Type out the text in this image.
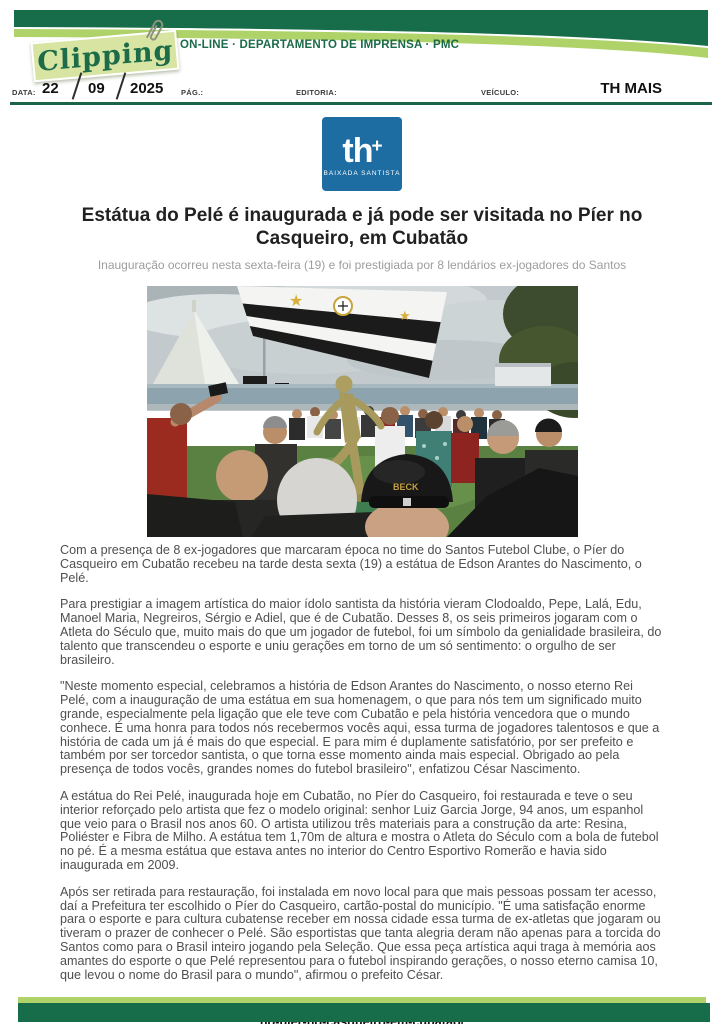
Clipping ON-LINE · DEPARTAMENTO DE IMPRENSA · PMC
DATA: 22 09 2025 PÁG.:	EDITORIA:	VEÍCULO:	TH MAIS
th+
BAIXADA SANTISTA
Estátua do Pelé é inaugurada e já pode ser visitada no Píer no Casqueiro, em Cubatão
Inauguração ocorreu nesta sexta-feira (19) e foi prestigiada por 8 lendários ex-jogadores do Santos
★
★
BECK

Com a presença de 8 ex-jogadores que marcaram época no time do Santos Futebol Clube, o Píer do Casqueiro em Cubatão recebeu na tarde desta sexta (19) a estátua de Edson Arantes do Nascimento, o Pelé.

Para prestigiar a imagem artística do maior ídolo santista da história vieram Clodoaldo, Pepe, Lalá, Edu, Manoel Maria, Negreiros, Sérgio e Adiel, que é de Cubatão. Desses 8, os seis primeiros jogaram com o Atleta do Século que, muito mais do que um jogador de futebol, foi um símbolo da genialidade brasileira, do talento que transcendeu o esporte e uniu gerações em torno de um só sentimento: o orgulho de ser brasileiro.

"Neste momento especial, celebramos a história de Edson Arantes do Nascimento, o nosso eterno Rei Pelé, com a inauguração de uma estátua em sua homenagem, o que para nós tem um significado muito grande, especialmente pela ligação que ele teve com Cubatão e pela história vencedora que o mundo conhece. É uma honra para todos nós recebermos vocês aqui, essa turma de jogadores talentosos e que a história de cada um já é mais do que especial. E para mim é duplamente satisfatório, por ser prefeito e também por ser torcedor santista, o que torna esse momento ainda mais especial. Obrigado ao pela presença de todos vocês, grandes nomes do futebol brasileiro", enfatizou César Nascimento.

A estátua do Rei Pelé, inaugurada hoje em Cubatão, no Píer do Casqueiro, foi restaurada e teve o seu interior reforçado pelo artista que fez o modelo original: senhor Luiz Garcia Jorge, 94 anos, um espanhol que veio para o Brasil nos anos 60. O artista utilizou três materiais para a construção da arte: Resina, Poliéster e Fibra de Milho. A estátua tem 1,70m de altura e mostra o Atleta do Século com a bola de futebol no pé. É a mesma estátua que estava antes no interior do Centro Esportivo Romerão e havia sido inaugurada em 2009.

Após ser retirada para restauração, foi instalada em novo local para que mais pessoas possam ter acesso, daí a Prefeitura ter escolhido o Píer do Casqueiro, cartão-postal do município. "É uma satisfação enorme para o esporte e para cultura cubatense receber em nossa cidade essa turma de ex-atletas que jogaram ou tiveram o prazer de conhecer o Pelé. São esportistas que tanta alegria deram não apenas para a torcida do Santos como para o Brasil inteiro jogando pela Seleção. Que essa peça artística aqui traga à memória aos amantes do esporte o que Pelé representou para o futebol inspirando gerações, o nosso eterno camisa 10, que levou o nome do Brasil para o mundo", afirmou o prefeito César.
